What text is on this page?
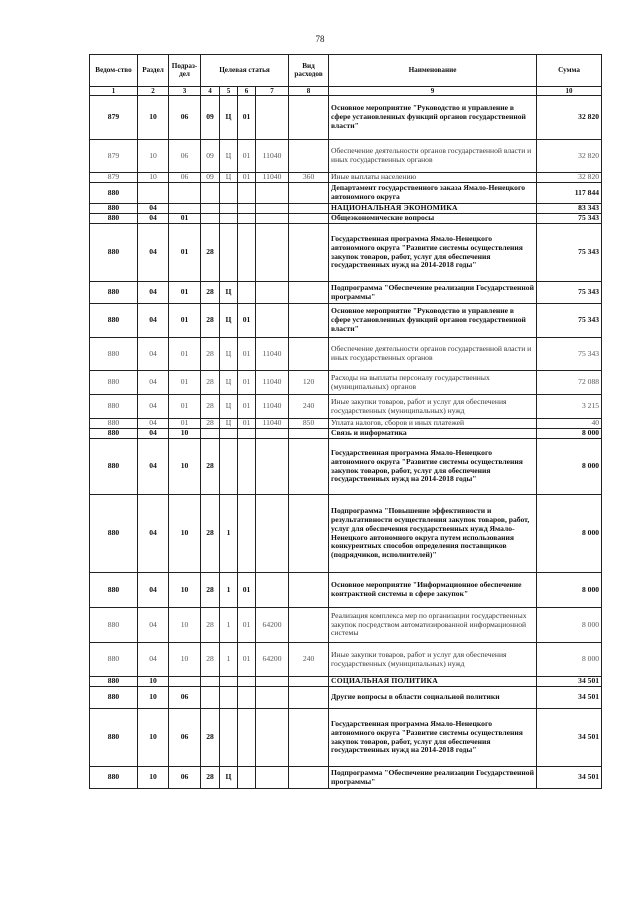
78
Ведом-ство	Раздел	Подраз-дел	Целевая статья				Вид расходов	Наименование	Сумма
1	2	3	4	5	6	7	8	9	10
879	10	06	09	Ц	01			Основное мероприятие "Руководство и управление в сфере установленных функций органов государственной власти"	32 820
879	10	06	09	Ц	01	11040		Обеспечение деятельности органов государственной власти и иных государственных органов	32 820
879	10	06	09	Ц	01	11040	360	Иные выплаты населению	32 820
880								Департамент государственного заказа Ямало-Ненецкого автономного округа	117 844
880	04							НАЦИОНАЛЬНАЯ ЭКОНОМИКА	83 343
880	04	01						Общеэкономические вопросы	75 343
880	04	01	28					Государственная программа Ямало-Ненецкого автономного округа "Развитие системы осуществления закупок товаров, работ, услуг для обеспечения государственных нужд на 2014-2018 годы"	75 343
880	04	01	28	Ц				Подпрограмма "Обеспечение реализации Государственной программы"	75 343
880	04	01	28	Ц	01			Основное мероприятие "Руководство и управление в сфере установленных функций органов государственной власти"	75 343
880	04	01	28	Ц	01	11040		Обеспечение деятельности органов государственной власти и иных государственных органов	75 343
880	04	01	28	Ц	01	11040	120	Расходы на выплаты персоналу государственных (муниципальных) органов	72 088
880	04	01	28	Ц	01	11040	240	Иные закупки товаров, работ и услуг для обеспечения государственных (муниципальных) нужд	3 215
880	04	01	28	Ц	01	11040	850	Уплата налогов, сборов и иных платежей	40
880	04	10						Связь и информатика	8 000
880	04	10	28					Государственная программа Ямало-Ненецкого автономного округа "Развитие системы осуществления закупок товаров, работ, услуг для обеспечения государственных нужд на 2014-2018 годы"	8 000
880	04	10	28	1				Подпрограмма "Повышение эффективности и результативности осуществления закупок товаров, работ, услуг для обеспечения государственных нужд Ямало-Ненецкого автономного округа путем использования конкурентных способов определения поставщиков (подрядчиков, исполнителей)"	8 000
880	04	10	28	1	01			Основное мероприятие "Информационное обеспечение контрактной системы в сфере закупок"	8 000
880	04	10	28	1	01	64200		Реализация комплекса мер по организации государственных закупок посредством автоматизированной информационной системы	8 000
880	04	10	28	1	01	64200	240	Иные закупки товаров, работ и услуг для обеспечения государственных (муниципальных) нужд	8 000
880	10							СОЦИАЛЬНАЯ ПОЛИТИКА	34 501
880	10	06						Другие вопросы в области социальной политики	34 501
880	10	06	28					Государственная программа Ямало-Ненецкого автономного округа "Развитие системы осуществления закупок товаров, работ, услуг для обеспечения государственных нужд на 2014-2018 годы"	34 501
880	10	06	28	Ц				Подпрограмма "Обеспечение реализации Государственной программы"	34 501
